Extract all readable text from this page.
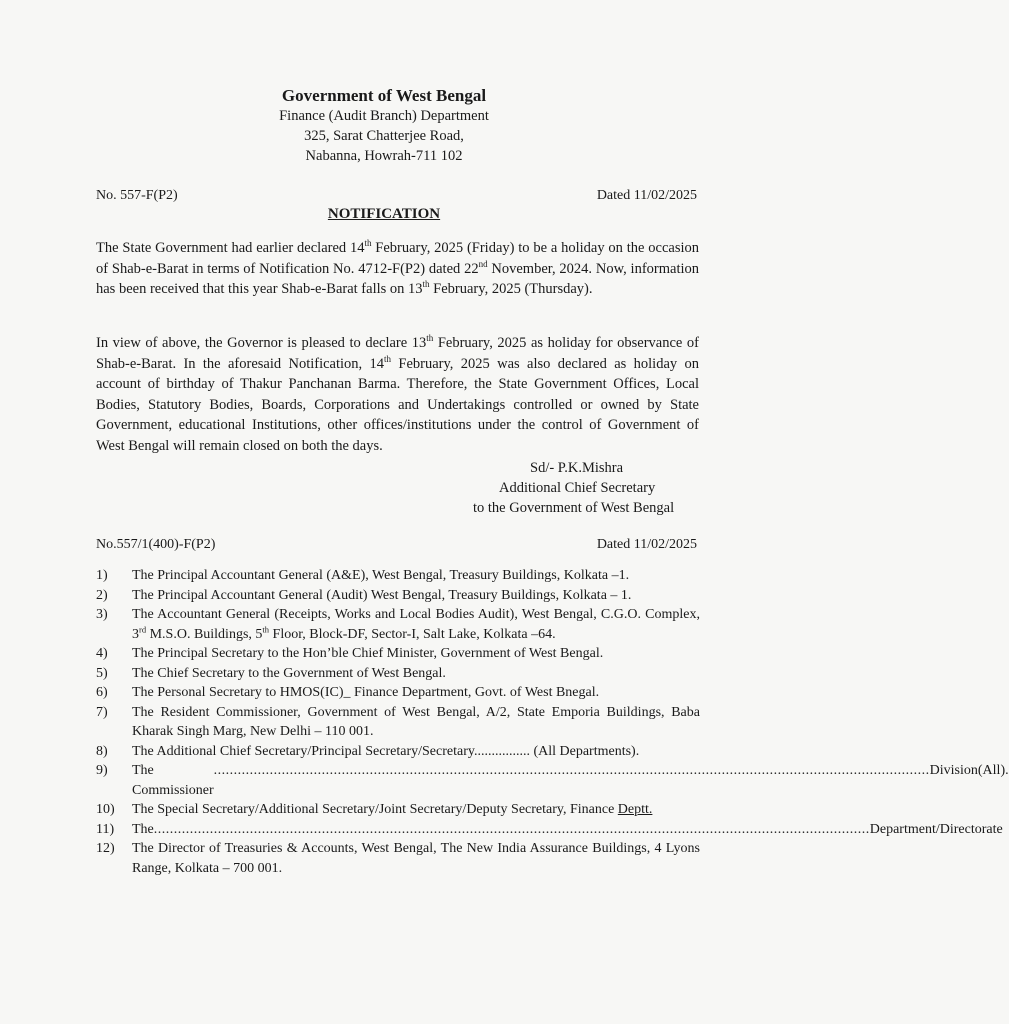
Government of West Bengal
Finance (Audit Branch) Department
325, Sarat Chatterjee Road,
Nabanna, Howrah-711 102
No. 557-F(P2)	Dated 11/02/2025
NOTIFICATION
The State Government had earlier declared 14th February, 2025 (Friday) to be a holiday on the occasion of Shab-e-Barat in terms of Notification No. 4712-F(P2) dated 22nd November, 2024. Now, information has been received that this year Shab-e-Barat falls on 13th February, 2025 (Thursday).
In view of above, the Governor is pleased to declare 13th February, 2025 as holiday for observance of Shab-e-Barat. In the aforesaid Notification, 14th February, 2025 was also declared as holiday on account of birthday of Thakur Panchanan Barma. Therefore, the State Government Offices, Local Bodies, Statutory Bodies, Boards, Corporations and Undertakings controlled or owned by State Government, educational Institutions, other offices/institutions under the control of Government of West Bengal will remain closed on both the days.
Sd/- P.K.Mishra
Additional Chief Secretary
to the Government of West Bengal
No.557/1(400)-F(P2)	Dated 11/02/2025
1)	The Principal Accountant General (A&E), West Bengal, Treasury Buildings, Kolkata –1.
2)	The Principal Accountant General (Audit) West Bengal, Treasury Buildings, Kolkata – 1.
3)	The Accountant General (Receipts, Works and Local Bodies Audit), West Bengal, C.G.O. Complex, 3rd M.S.O. Buildings, 5th Floor, Block-DF, Sector-I, Salt Lake, Kolkata –64.
4)	The Principal Secretary to the Hon’ble Chief Minister, Government of West Bengal.
5)	The Chief Secretary to the Government of West Bengal.
6)	The Personal Secretary to HMOS(IC)_ Finance Department, Govt. of West Bnegal.
7)	The Resident Commissioner, Government of West Bengal, A/2, State Emporia Buildings, Baba Kharak Singh Marg, New Delhi – 110 001.
8)	The Additional Chief Secretary/Principal Secretary/Secretary................ (All Departments).
9)	The Commissioner
................................................................................................................................................................................... Division(All).
10)	The Special Secretary/Additional Secretary/Joint Secretary/Deputy Secretary, Finance Deptt.
11)	The ................................................................................................................................................................................... Department/Directorate
12)	The Director of Treasuries & Accounts, West Bengal, The New India Assurance Buildings, 4 Lyons Range, Kolkata – 700 001.
